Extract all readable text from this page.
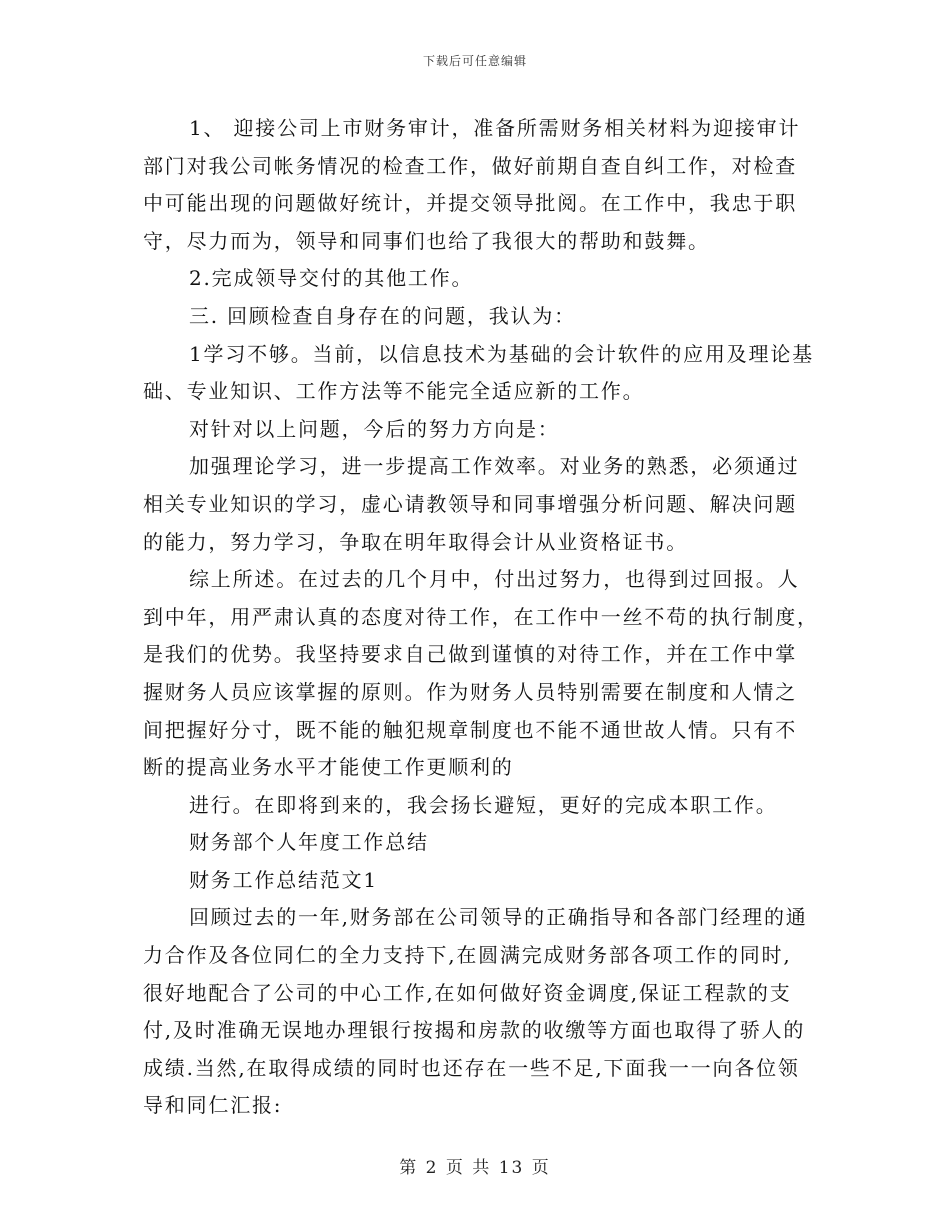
下载后可任意编辑
1、 迎接公司上市财务审计，准备所需财务相关材料为迎接审计
部门对我公司帐务情况的检查工作，做好前期自查自纠工作，对检查
中可能出现的问题做好统计，并提交领导批阅。在工作中，我忠于职
守，尽力而为，领导和同事们也给了我很大的帮助和鼓舞。
2.完成领导交付的其他工作。
三. 回顾检查自身存在的问题，我认为：
1学习不够。当前，以信息技术为基础的会计软件的应用及理论基
础、专业知识、工作方法等不能完全适应新的工作。
对针对以上问题，今后的努力方向是：
加强理论学习，进一步提高工作效率。对业务的熟悉，必须通过
相关专业知识的学习，虚心请教领导和同事增强分析问题、解决问题
的能力，努力学习，争取在明年取得会计从业资格证书。
综上所述。在过去的几个月中，付出过努力，也得到过回报。人
到中年，用严肃认真的态度对待工作，在工作中一丝不苟的执行制度，
是我们的优势。我坚持要求自己做到谨慎的对待工作，并在工作中掌
握财务人员应该掌握的原则。作为财务人员特别需要在制度和人情之
间把握好分寸，既不能的触犯规章制度也不能不通世故人情。只有不
断的提高业务水平才能使工作更顺利的
进行。在即将到来的，我会扬长避短，更好的完成本职工作。
财务部个人年度工作总结
财务工作总结范文1
回顾过去的一年,财务部在公司领导的正确指导和各部门经理的通
力合作及各位同仁的全力支持下,在圆满完成财务部各项工作的同时,
很好地配合了公司的中心工作,在如何做好资金调度,保证工程款的支
付,及时准确无误地办理银行按揭和房款的收缴等方面也取得了骄人的
成绩.当然,在取得成绩的同时也还存在一些不足,下面我一一向各位领
导和同仁汇报:
第 2 页 共 13 页
